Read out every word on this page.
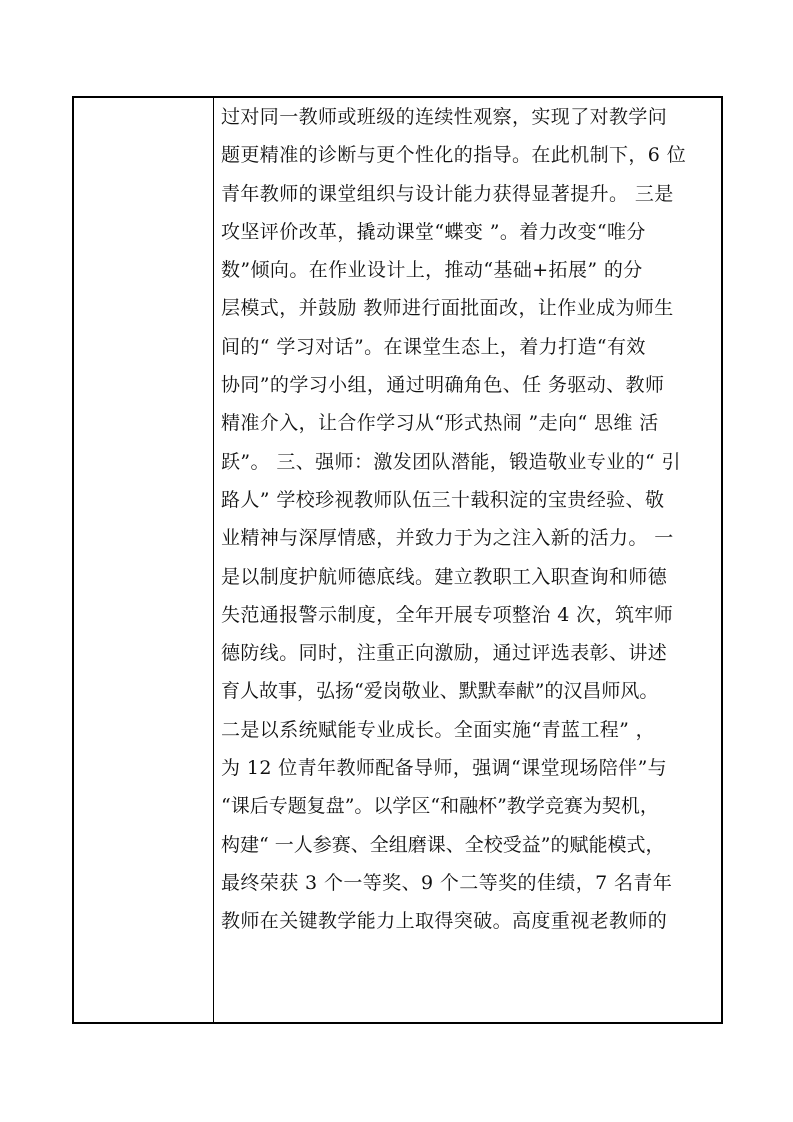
过对同一教师或班级的连续性观察，实现了对教学问
题更精准的诊断与更个性化的指导。在此机制下，6 位
青年教师的课堂组织与设计能力获得显著提升。 三是
攻坚评价改革，撬动课堂“蝶变 ”。着力改变“唯分
数”倾向。在作业设计上，推动“基础+拓展” 的分
层模式，并鼓励 教师进行面批面改，让作业成为师生
间的“ 学习对话”。在课堂生态上，着力打造“有效
协同”的学习小组，通过明确角色、任 务驱动、教师
精准介入，让合作学习从“形式热闹 ”走向“ 思维 活
跃”。 三、强师：激发团队潜能，锻造敬业专业的“ 引
路人” 学校珍视教师队伍三十载积淀的宝贵经验、敬
业精神与深厚情感，并致力于为之注入新的活力。 一
是以制度护航师德底线。建立教职工入职查询和师德
失范通报警示制度，全年开展专项整治 4 次，筑牢师
德防线。同时，注重正向激励，通过评选表彰、讲述
育人故事，弘扬“爱岗敬业、默默奉献”的汉昌师风。
二是以系统赋能专业成长。全面实施“青蓝工程” ，
为 12 位青年教师配备导师，强调“课堂现场陪伴”与
“课后专题复盘”。以学区“和融杯”教学竞赛为契机，
构建“ 一人参赛、全组磨课、全校受益”的赋能模式，
最终荣获 3 个一等奖、9 个二等奖的佳绩，7 名青年
教师在关键教学能力上取得突破。高度重视老教师的
